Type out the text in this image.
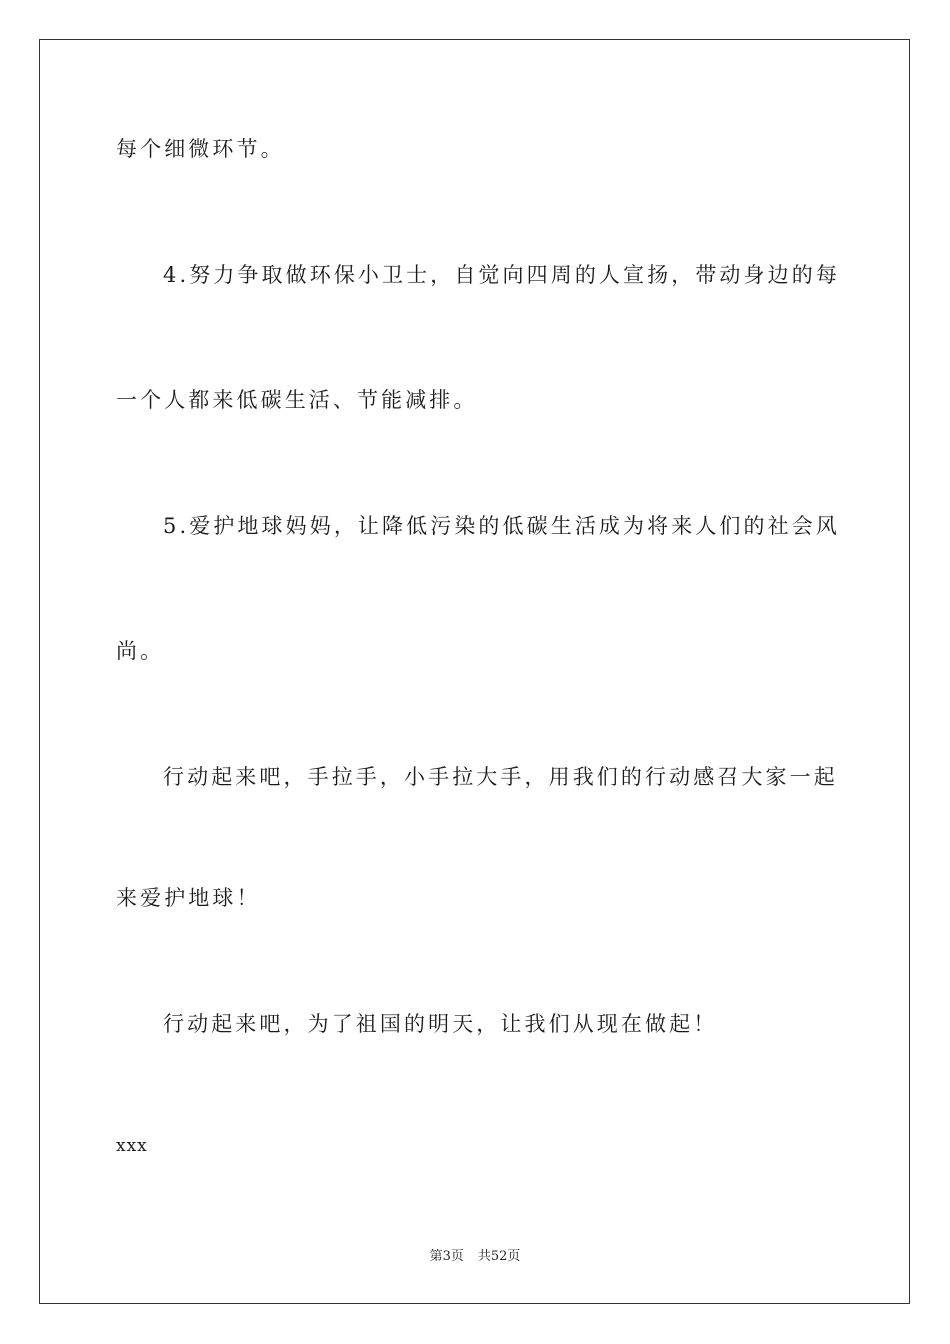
每个细微环节。
4.努力争取做环保小卫士，自觉向四周的人宣扬，带动身边的每
一个人都来低碳生活、节能减排。
5.爱护地球妈妈，让降低污染的低碳生活成为将来人们的社会风
尚。
行动起来吧，手拉手，小手拉大手，用我们的行动感召大家一起
来爱护地球！
行动起来吧，为了祖国的明天，让我们从现在做起！
xxx
第3页 共52页
